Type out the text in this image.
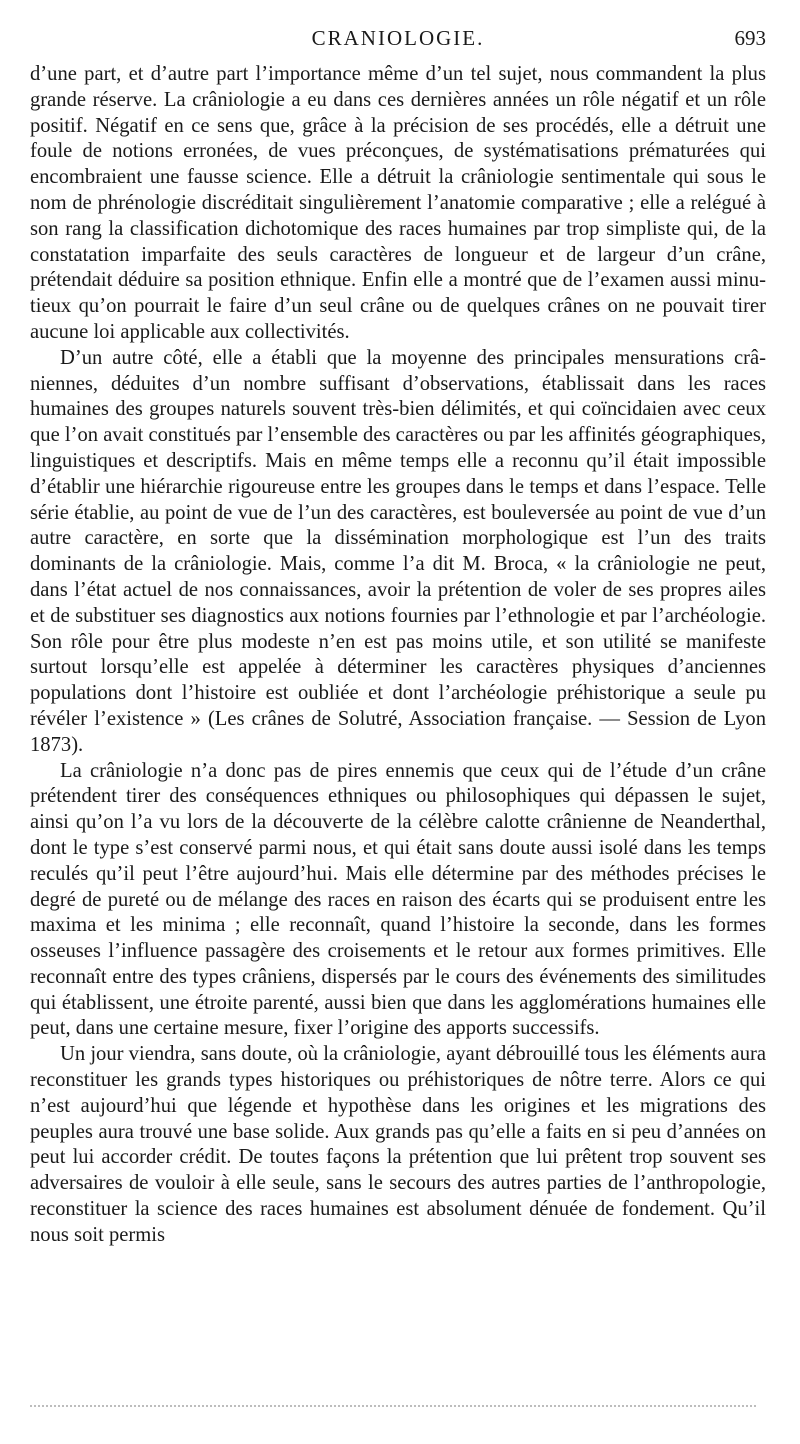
CRANIOLOGIE.	693

d’une part, et d’autre part l’importance même d’un tel sujet, nous commandent la plus grande réserve. La crâniologie a eu dans ces dernières années un rôle négatif et un rôle positif. Négatif en ce sens que, grâce à la précision de ses procédés, elle a détruit une foule de notions erronées, de vues préconçues, de systématisations prématurées qui encombraient une fausse science. Elle a détruit la crâniologie sentimentale qui sous le nom de phrénologie discréditait singulièrement l’anatomie comparative ; elle a relégué à son rang la classification dichotomique des races humaines par trop simpliste qui, de la constatation imparfaite des seuls caractères de longueur et de largeur d’un crâne, prétendait déduire sa position ethnique. Enfin elle a montré que de l’examen aussi minutieux qu’on pourrait le faire d’un seul crâne ou de quelques crânes on ne pouvait tirer aucune loi applicable aux collectivités.

D’un autre côté, elle a établi que la moyenne des principales mensurations crâniennes, déduites d’un nombre suffisant d’observations, établissait dans les races humaines des groupes naturels souvent très-bien délimités, et qui coïncidaien avec ceux que l’on avait constitués par l’ensemble des caractères ou par les affinités géographiques, linguistiques et descriptifs. Mais en même temps elle a reconnu qu’il était impossible d’établir une hiérarchie rigoureuse entre les groupes dans le temps et dans l’espace. Telle série établie, au point de vue de l’un des caractères, est bouleversée au point de vue d’un autre caractère, en sorte que la dissémination morphologique est l’un des traits dominants de la crâniologie. Mais, comme l’a dit M. Broca, « la crâniologie ne peut, dans l’état actuel de nos connaissances, avoir la prétention de voler de ses propres ailes et de substituer ses diagnostics aux notions fournies par l’ethnologie et par l’archéologie. Son rôle pour être plus modeste n’en est pas moins utile, et son utilité se manifeste surtout lorsqu’elle est appelée à déterminer les caractères physiques d’anciennes populations dont l’histoire est oubliée et dont l’archéologie préhistorique a seule pu révéler l’existence » (Les crânes de Solutré, Association française. — Session de Lyon 1873).

La crâniologie n’a donc pas de pires ennemis que ceux qui de l’étude d’un crâne prétendent tirer des conséquences ethniques ou philosophiques qui dépassen le sujet, ainsi qu’on l’a vu lors de la découverte de la célèbre calotte crânienne de Neanderthal, dont le type s’est conservé parmi nous, et qui était sans doute aussi isolé dans les temps reculés qu’il peut l’être aujourd’hui. Mais elle détermine par des méthodes précises le degré de pureté ou de mélange des races en raison des écarts qui se produisent entre les maxima et les minima ; elle reconnaît, quand l’histoire la seconde, dans les formes osseuses l’influence passagère des croisements et le retour aux formes primitives. Elle reconnaît entre des types crâniens, dispersés par le cours des événements des similitudes qui établissent, une étroite parenté, aussi bien que dans les agglomérations humaines elle peut, dans une certaine mesure, fixer l’origine des apports successifs.

Un jour viendra, sans doute, où la crâniologie, ayant débrouillé tous les éléments aura reconstituer les grands types historiques ou préhistoriques de nôtre terre. Alors ce qui n’est aujourd’hui que légende et hypothèse dans les origines et les migrations des peuples aura trouvé une base solide. Aux grands pas qu’elle a faits en si peu d’années on peut lui accorder crédit. De toutes façons la prétention que lui prêtent trop souvent ses adversaires de vouloir à elle seule, sans le secours des autres parties de l’anthropologie, reconstituer la science des races humaines est absolument dénuée de fondement. Qu’il nous soit permis
